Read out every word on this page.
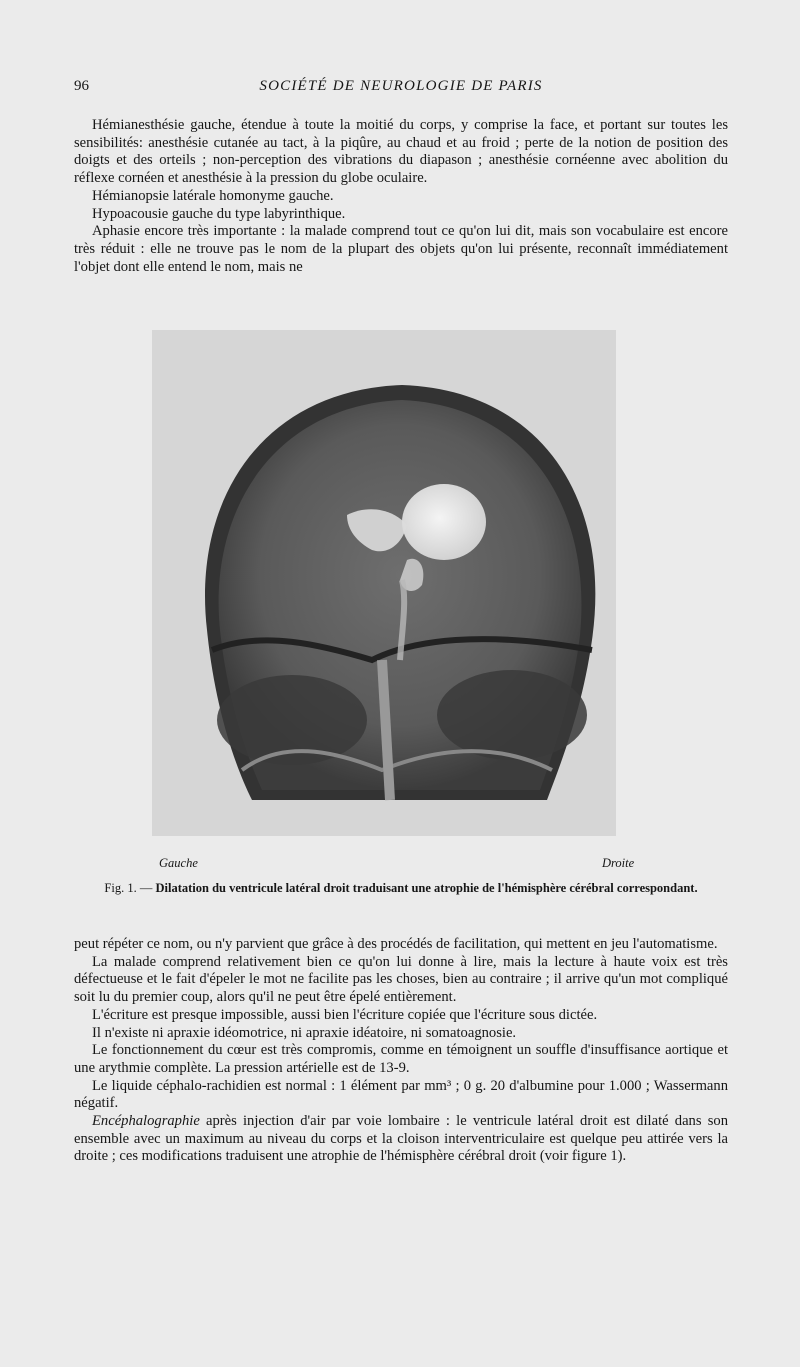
96	SOCIÉTÉ DE NEUROLOGIE DE PARIS

Hémianesthésie gauche, étendue à toute la moitié du corps, y comprise la face, et portant sur toutes les sensibilités: anesthésie cutanée au tact, à la piqûre, au chaud et au froid ; perte de la notion de position des doigts et des orteils ; non-perception des vibrations du diapason ; anesthésie cornéenne avec abolition du réflexe cornéen et anesthésie à la pression du globe oculaire.

Hémianopsie latérale homonyme gauche.

Hypoacousie gauche du type labyrinthique.

Aphasie encore très importante : la malade comprend tout ce qu'on lui dit, mais son vocabulaire est encore très réduit : elle ne trouve pas le nom de la plupart des objets qu'on lui présente, reconnaît immédiatement l'objet dont elle entend le nom, mais ne

Gauche	Droite
Fig. 1. — Dilatation du ventricule latéral droit traduisant une atrophie de l'hémisphère cérébral correspondant.

peut répéter ce nom, ou n'y parvient que grâce à des procédés de facilitation, qui mettent en jeu l'automatisme.

La malade comprend relativement bien ce qu'on lui donne à lire, mais la lecture à haute voix est très défectueuse et le fait d'épeler le mot ne facilite pas les choses, bien au contraire ; il arrive qu'un mot compliqué soit lu du premier coup, alors qu'il ne peut être épelé entièrement.

L'écriture est presque impossible, aussi bien l'écriture copiée que l'écriture sous dictée.

Il n'existe ni apraxie idéomotrice, ni apraxie idéatoire, ni somatoagnosie.

Le fonctionnement du cœur est très compromis, comme en témoignent un souffle d'insuffisance aortique et une arythmie complète. La pression artérielle est de 13-9.

Le liquide céphalo-rachidien est normal : 1 élément par mm³ ; 0 g. 20 d'albumine pour 1.000 ; Wassermann négatif.

Encéphalographie après injection d'air par voie lombaire : le ventricule latéral droit est dilaté dans son ensemble avec un maximum au niveau du corps et la cloison interventriculaire est quelque peu attirée vers la droite ; ces modifications traduisent une atrophie de l'hémisphère cérébral droit (voir figure 1).
